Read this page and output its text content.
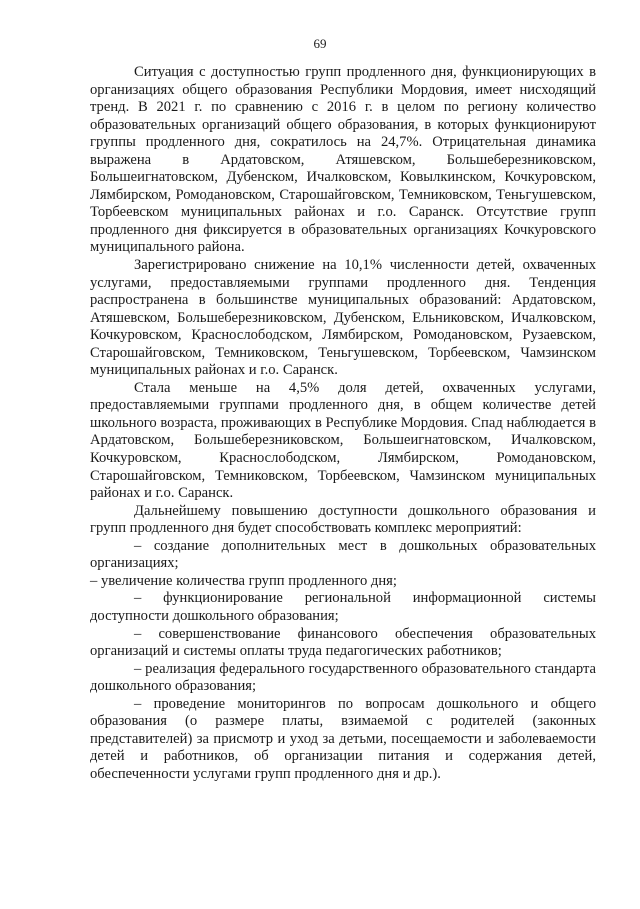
69

Ситуация с доступностью групп продленного дня, функционирующих в организациях общего образования Республики Мордовия, имеет нисходящий тренд. В 2021 г. по сравнению с 2016 г. в целом по региону количество образовательных организаций общего образования, в которых функционируют группы продленного дня, сократилось на 24,7%. Отрицательная динамика выражена в Ардатовском, Атяшевском, Большеберезниковском, Большеигнатовском, Дубенском, Ичалковском, Ковылкинском, Кочкуровском, Лямбирском, Ромодановском, Старошайговском, Темниковском, Теньгушевском, Торбеевском муниципальных районах и г.о. Саранск. Отсутствие групп продленного дня фиксируется в образовательных организациях Кочкуровского муниципального района.

Зарегистрировано снижение на 10,1% численности детей, охваченных услугами, предоставляемыми группами продленного дня. Тенденция распространена в большинстве муниципальных образований: Ардатовском, Атяшевском, Большеберезниковском, Дубенском, Ельниковском, Ичалковском, Кочкуровском, Краснослободском, Лямбирском, Ромодановском, Рузаевском, Старошайговском, Темниковском, Теньгушевском, Торбеевском, Чамзинском муниципальных районах и г.о. Саранск.

Стала меньше на 4,5% доля детей, охваченных услугами, предоставляемыми группами продленного дня, в общем количестве детей школьного возраста, проживающих в Республике Мордовия. Спад наблюдается в Ардатовском, Большеберезниковском, Большеигнатовском, Ичалковском, Кочкуровском, Краснослободском, Лямбирском, Ромодановском, Старошайговском, Темниковском, Торбеевском, Чамзинском муниципальных районах и г.о. Саранск.

Дальнейшему повышению доступности дошкольного образования и групп продленного дня будет способствовать комплекс мероприятий:

– создание дополнительных мест в дошкольных образовательных организациях;

– увеличение количества групп продленного дня;

– функционирование региональной информационной системы доступности дошкольного образования;

– совершенствование финансового обеспечения образовательных организаций и системы оплаты труда педагогических работников;

– реализация федерального государственного образовательного стандарта дошкольного образования;

– проведение мониторингов по вопросам дошкольного и общего образования (о размере платы, взимаемой с родителей (законных представителей) за присмотр и уход за детьми, посещаемости и заболеваемости детей и работников, об организации питания и содержания детей, обеспеченности услугами групп продленного дня и др.).
